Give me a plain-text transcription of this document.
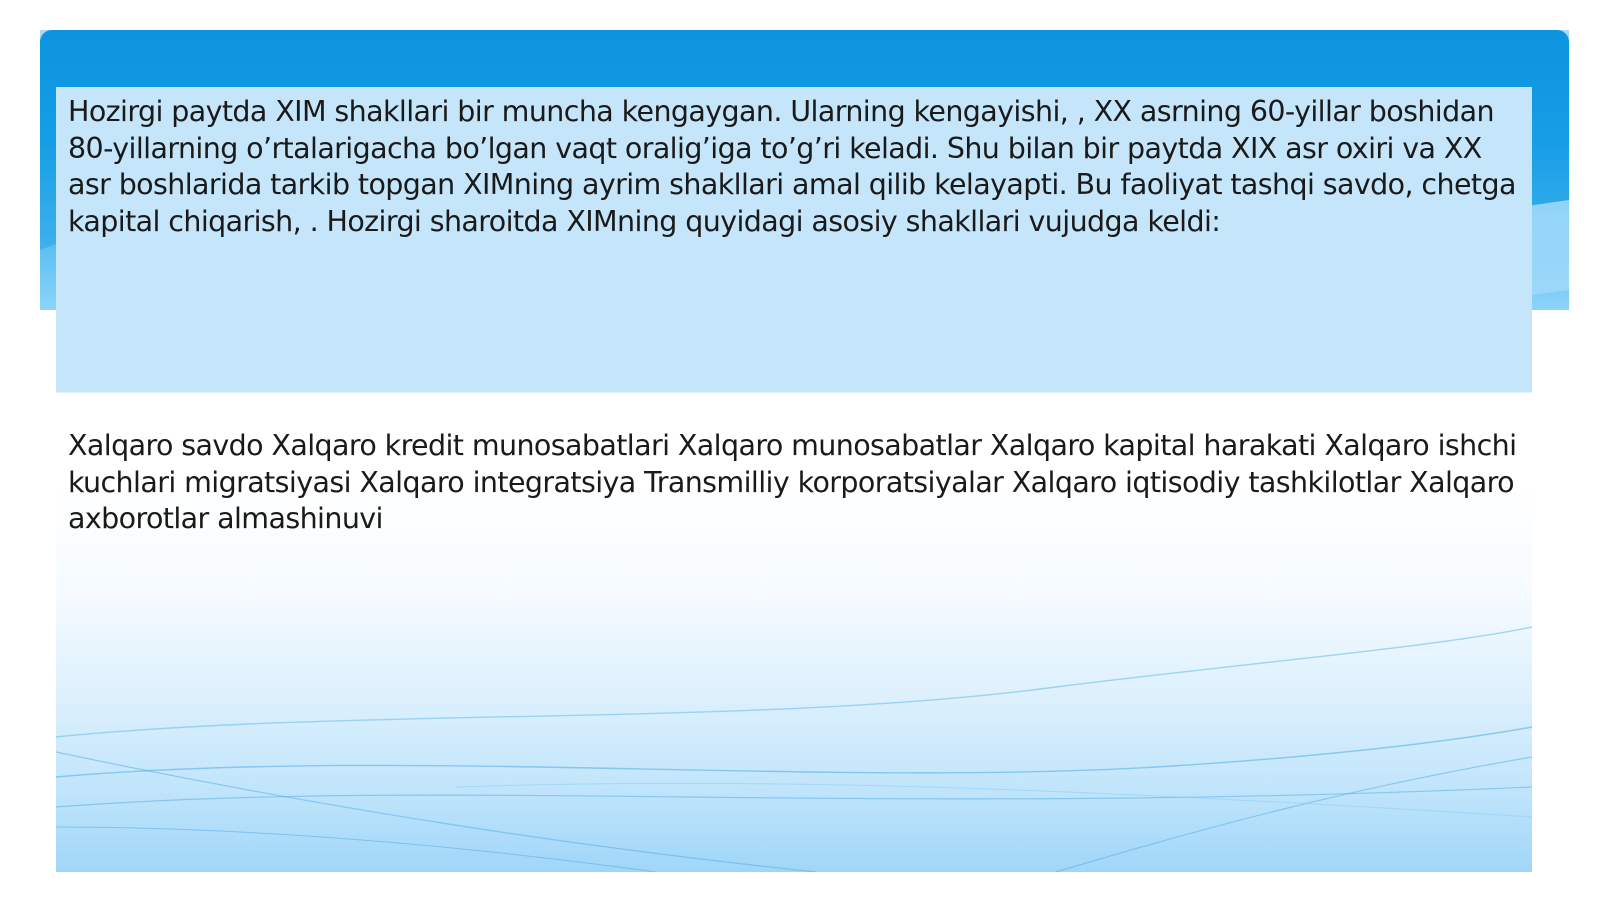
Hozirgi paytda XIM shakllari bir muncha kengaygan. Ularning kengayishi, , XX asrning 60-yillar boshidan 80-yillarning o’rtalarigacha bo’lgan vaqt oralig’iga to’g’ri keladi. Shu bilan bir paytda XIX asr oxiri va XX asr boshlarida tarkib topgan XIMning ayrim shakllari amal qilib kelayapti. Bu faoliyat tashqi savdo, chetga kapital chiqarish, . Hozirgi sharoitda XIMning quyidagi asosiy shakllari vujudga keldi:

Xalqaro savdo Xalqaro kredit munosabatlari Xalqaro munosabatlar Xalqaro kapital harakati Xalqaro ishchi kuchlari migratsiyasi Xalqaro integratsiya Transmilliy korporatsiyalar Xalqaro iqtisodiy tashkilotlar Xalqaro axborotlar almashinuvi
